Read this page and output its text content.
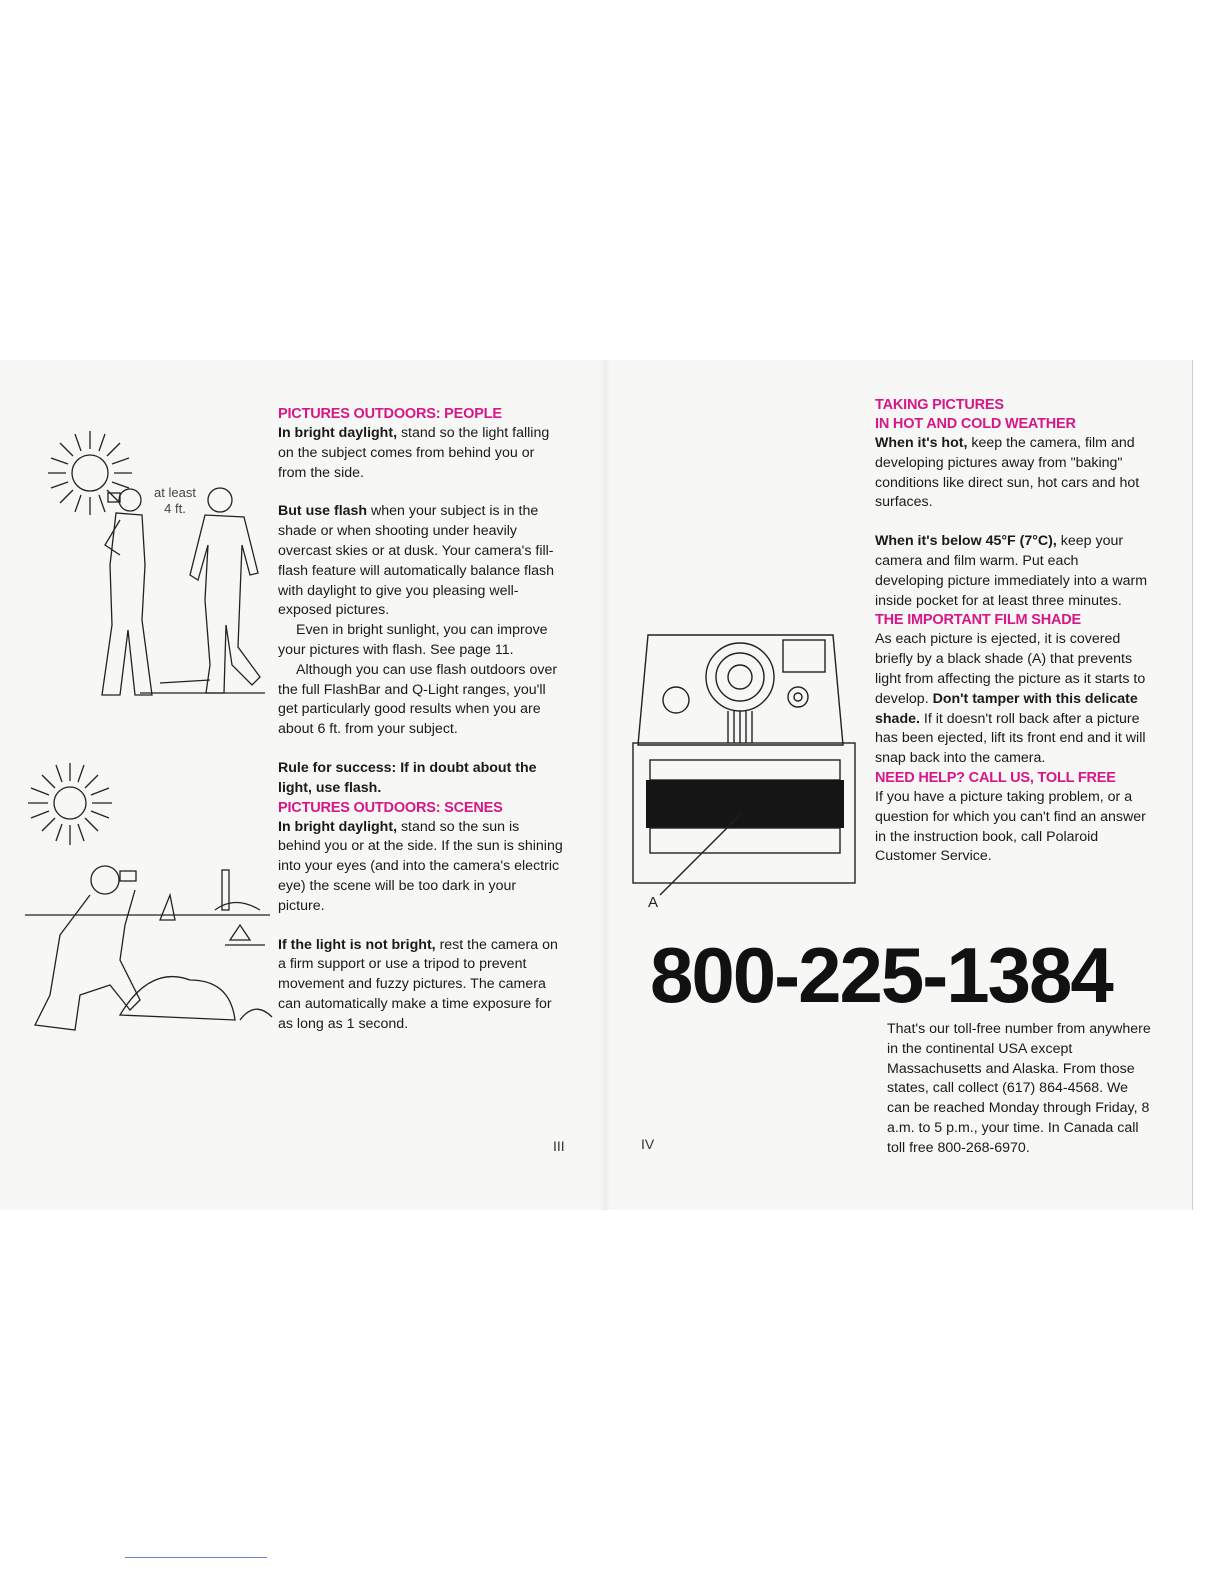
at least
4 ft.

PICTURES OUTDOORS: PEOPLE

In bright daylight, stand so the light falling on the subject comes from behind you or from the side.

But use flash when your subject is in the shade or when shooting under heavily overcast skies or at dusk. Your camera's fill-flash feature will automatically balance flash with daylight to give you pleasing well-exposed pictures.

Even in bright sunlight, you can improve your pictures with flash. See page 11.

Although you can use flash outdoors over the full FlashBar and Q-Light ranges, you'll get particularly good results when you are about 6 ft. from your subject.

Rule for success: If in doubt about the light, use flash.

PICTURES OUTDOORS: SCENES

In bright daylight, stand so the sun is behind you or at the side. If the sun is shining into your eyes (and into the camera's electric eye) the scene will be too dark in your picture.

If the light is not bright, rest the camera on a firm support or use a tripod to prevent movement and fuzzy pictures. The camera can automatically make a time exposure for as long as 1 second.

III
A

TAKING PICTURES

IN HOT AND COLD WEATHER

When it's hot, keep the camera, film and developing pictures away from "baking" conditions like direct sun, hot cars and hot surfaces.

When it's below 45°F (7°C), keep your camera and film warm. Put each developing picture immediately into a warm inside pocket for at least three minutes.

THE IMPORTANT FILM SHADE

As each picture is ejected, it is covered briefly by a black shade (A) that prevents light from affecting the picture as it starts to develop. Don't tamper with this delicate shade. If it doesn't roll back after a picture has been ejected, lift its front end and it will snap back into the camera.

NEED HELP? CALL US, TOLL FREE

If you have a picture taking problem, or a question for which you can't find an answer in the instruction book, call Polaroid Customer Service.

800-225-1384

That's our toll-free number from anywhere in the continental USA except Massachusetts and Alaska. From those states, call collect (617) 864-4568. We can be reached Monday through Friday, 8 a.m. to 5 p.m., your time. In Canada call toll free 800-268-6970.

IV
